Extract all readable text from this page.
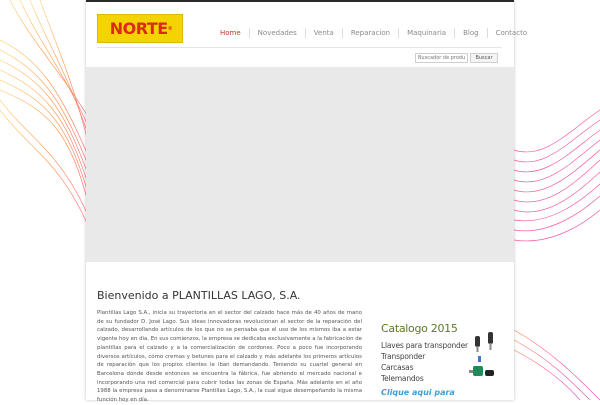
NORTE®	Home	Novedades	Venta	Reparacion	Maquinaria	Blog	Contacto
Buscador de productos
Buscar
Bienvenido a PLANTILLAS LAGO, S.A.
Plantillas Lago S.A., inicia su trayectoria en el sector del calzado hace más de 40 años de mano de su fundador D. José Lago. Sus ideas innovadoras revolucionan el sector de la reparación del calzado, desarrollando artículos de los que no se pensaba que el uso de los mismos iba a estar vigente hoy en dia. En sus comienzos, la empresa se dedicaba exclusivamente a la fabricación de plantillas para el calzado y a la comercialización de cordones. Poco a poco fue incorporando diversos artículos, cómo cremas y betunes para el calzado y más adelante los primeros artículos de reparación que los propios clientes le iban demandando. Teniendo su cuartel general en Barcelona dónde desde entonces se encuentra la fábrica, fue abriendo el mercado nacional e incorporando una red comercial para cubrir todas las zonas de España. Más adelante en el año 1988 la empresa pasa a denominarse Plantillas Lago, S.A., la cual sigue desempeñando la misma función hoy en día.
Catalogo 2015
Llaves para transponder
Transponder
Carcasas
Telemandos
Clique aqui para
